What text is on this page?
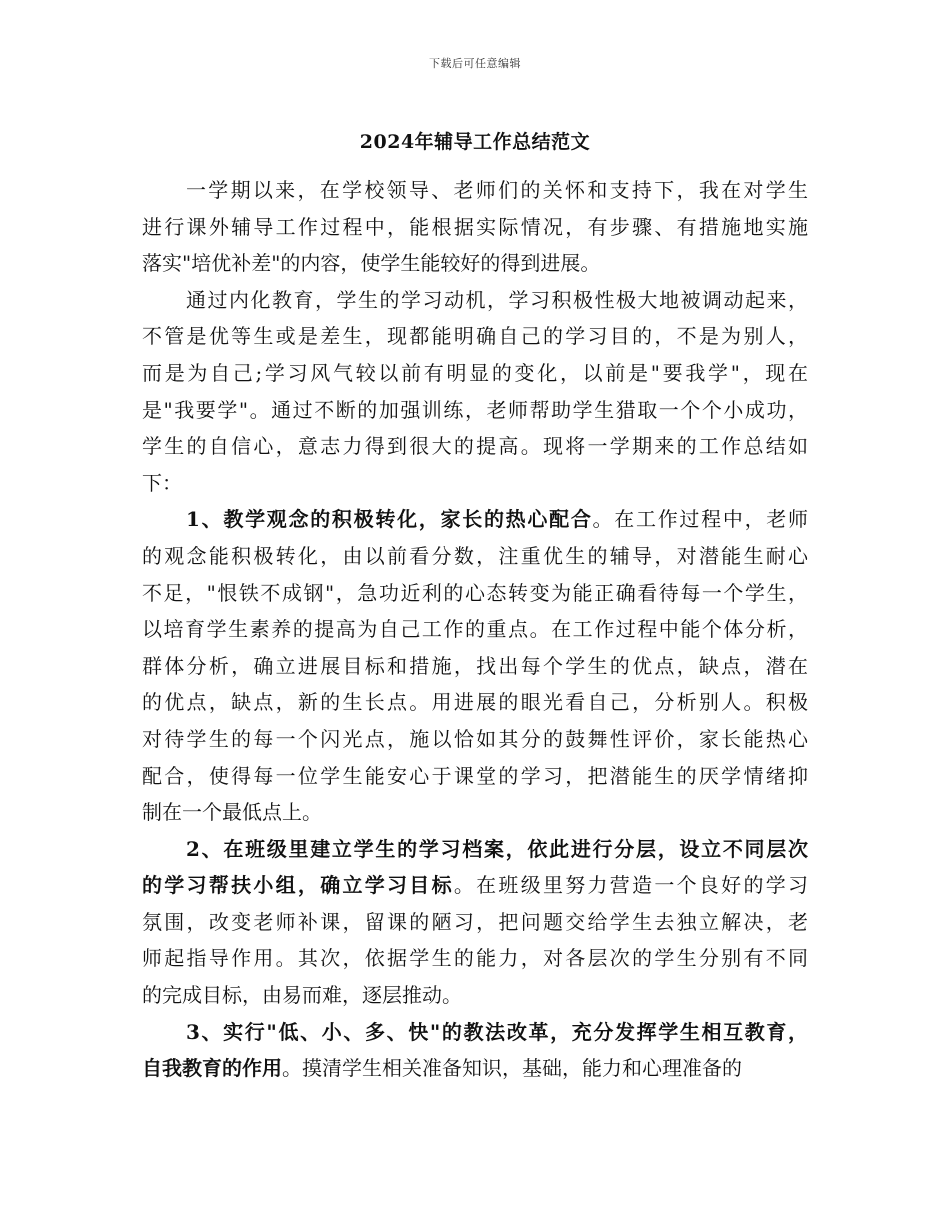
下载后可任意编辑
2024年辅导工作总结范文
一学期以来，在学校领导、老师们的关怀和支持下，我在对学生
进行课外辅导工作过程中，能根据实际情况，有步骤、有措施地实施
落实"培优补差"的内容，使学生能较好的得到进展。
通过内化教育，学生的学习动机，学习积极性极大地被调动起来，
不管是优等生或是差生，现都能明确自己的学习目的，不是为别人，
而是为自己;学习风气较以前有明显的变化，以前是"要我学"，现在
是"我要学"。通过不断的加强训练，老师帮助学生猎取一个个小成功，
学生的自信心，意志力得到很大的提高。现将一学期来的工作总结如
下：
1、教学观念的积极转化，家长的热心配合。在工作过程中，老师
的观念能积极转化，由以前看分数，注重优生的辅导，对潜能生耐心
不足，"恨铁不成钢"，急功近利的心态转变为能正确看待每一个学生，
以培育学生素养的提高为自己工作的重点。在工作过程中能个体分析，
群体分析，确立进展目标和措施，找出每个学生的优点，缺点，潜在
的优点，缺点，新的生长点。用进展的眼光看自己，分析别人。积极
对待学生的每一个闪光点，施以恰如其分的鼓舞性评价，家长能热心
配合，使得每一位学生能安心于课堂的学习，把潜能生的厌学情绪抑
制在一个最低点上。
2、在班级里建立学生的学习档案，依此进行分层，设立不同层次
的学习帮扶小组，确立学习目标。在班级里努力营造一个良好的学习
氛围，改变老师补课，留课的陋习，把问题交给学生去独立解决，老
师起指导作用。其次，依据学生的能力，对各层次的学生分别有不同
的完成目标，由易而难，逐层推动。
3、实行"低、小、多、快"的教法改革，充分发挥学生相互教育，
自我教育的作用。摸清学生相关准备知识，基础，能力和心理准备的
